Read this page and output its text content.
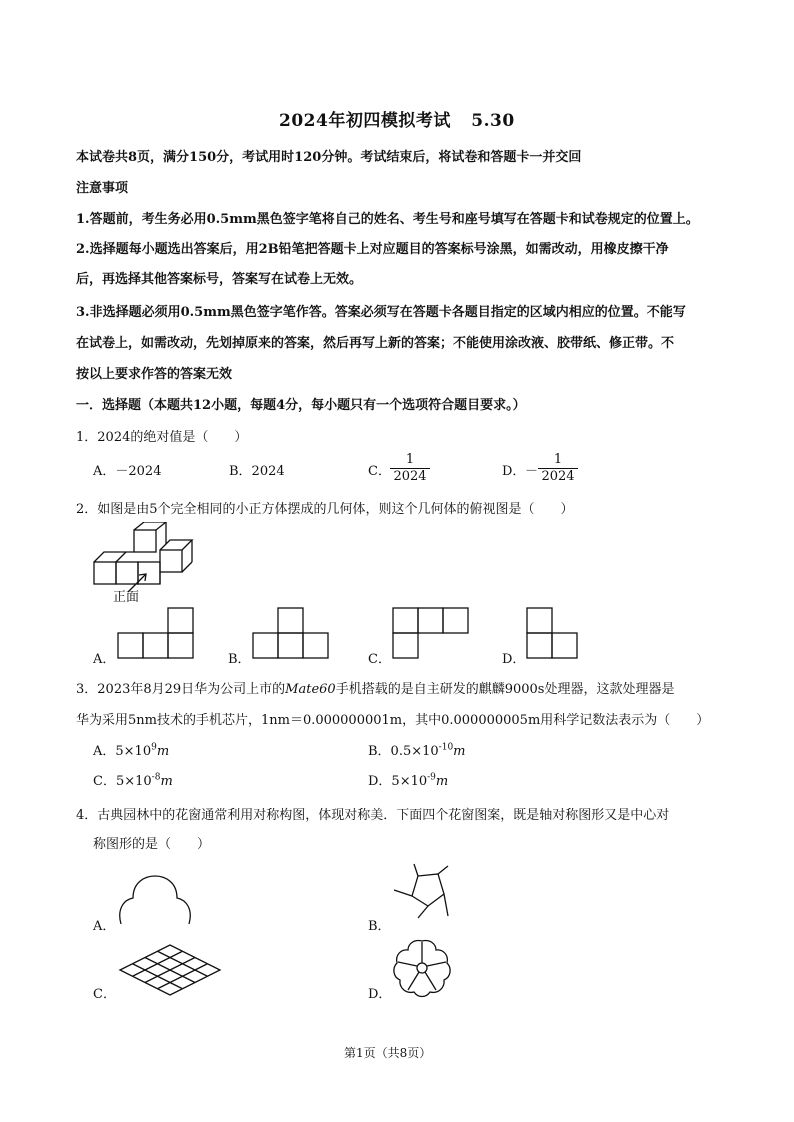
2024年初四模拟考试 5.30
本试卷共8页，满分150分，考试用时120分钟。考试结束后，将试卷和答题卡一并交回
注意事项
1.答题前，考生务必用0.5mm黑色签字笔将自己的姓名、考生号和座号填写在答题卡和试卷规定的位置上。
2.选择题每小题选出答案后，用2B铅笔把答题卡上对应题目的答案标号涂黑，如需改动，用橡皮擦干净
后，再选择其他答案标号，答案写在试卷上无效。
3.非选择题必须用0.5mm黑色签字笔作答。答案必须写在答题卡各题目指定的区域内相应的位置。不能写
在试卷上，如需改动，先划掉原来的答案，然后再写上新的答案；不能使用涂改液、胶带纸、修正带。不
按以上要求作答的答案无效
一．选择题（本题共12小题，每题4分，每小题只有一个选项符合题目要求。）
1．2024的绝对值是（　　）
A．－2024	B．2024	C．
1
2024	D． －
1
2024
2．如图是由5个完全相同的小正方体摆成的几何体，则这个几何体的俯视图是（　　）
正面
A．	B．	C．	D．
3．2023年8月29日华为公司上市的Mate60手机搭载的是自主研发的麒麟9000s处理器，这款处理器是
华为采用5nm技术的手机芯片，1nm＝0.000000001m，其中0.000000005m用科学记数法表示为（　　）
A．$5\times 10^9m$	B．$0.5\times 10^{-10}m$
C．$5\times 10^{-8}m$	D．$5\times 10^{-9}m$
4．古典园林中的花窗通常利用对称构图，体现对称美．下面四个花窗图案，既是轴对称图形又是中心对
称图形的是（　　）
A．	B．
C．	D．
第1页（共8页）
